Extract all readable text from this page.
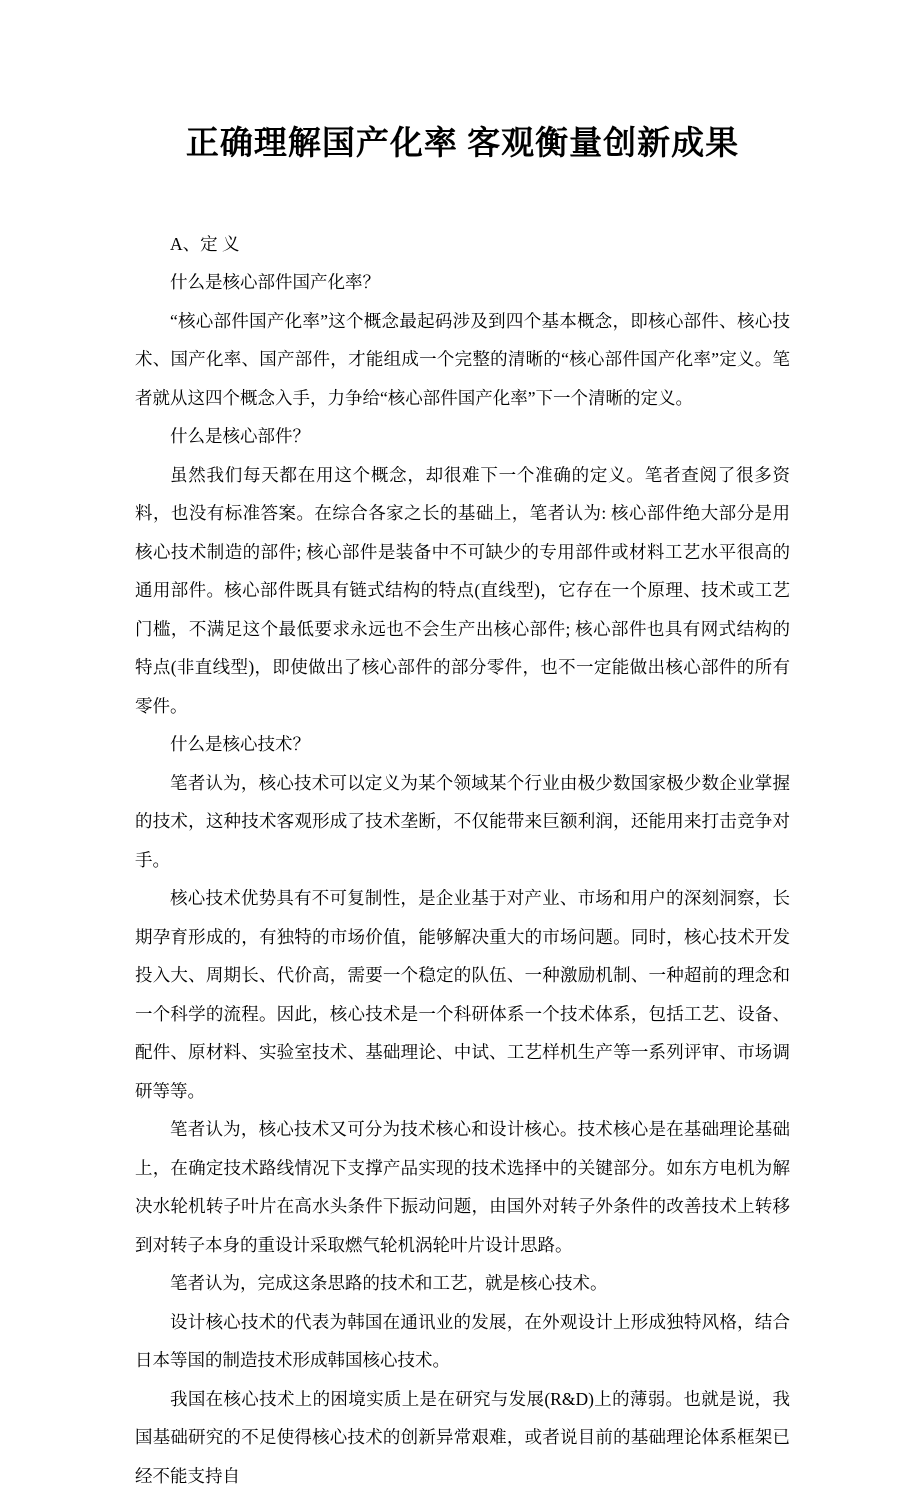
正确理解国产化率 客观衡量创新成果

A、定 义

什么是核心部件国产化率？

“核心部件国产化率”这个概念最起码涉及到四个基本概念，即核心部件、核心技术、国产化率、国产部件，才能组成一个完整的清晰的“核心部件国产化率”定义。笔者就从这四个概念入手，力争给“核心部件国产化率”下一个清晰的定义。

什么是核心部件？

虽然我们每天都在用这个概念，却很难下一个准确的定义。笔者查阅了很多资料，也没有标准答案。在综合各家之长的基础上，笔者认为: 核心部件绝大部分是用核心技术制造的部件; 核心部件是装备中不可缺少的专用部件或材料工艺水平很高的通用部件。核心部件既具有链式结构的特点(直线型)，它存在一个原理、技术或工艺门槛，不满足这个最低要求永远也不会生产出核心部件; 核心部件也具有网式结构的特点(非直线型)，即使做出了核心部件的部分零件，也不一定能做出核心部件的所有零件。

什么是核心技术？

笔者认为，核心技术可以定义为某个领域某个行业由极少数国家极少数企业掌握的技术，这种技术客观形成了技术垄断，不仅能带来巨额利润，还能用来打击竞争对手。

核心技术优势具有不可复制性，是企业基于对产业、市场和用户的深刻洞察，长期孕育形成的，有独特的市场价值，能够解决重大的市场问题。同时，核心技术开发投入大、周期长、代价高，需要一个稳定的队伍、一种激励机制、一种超前的理念和一个科学的流程。因此，核心技术是一个科研体系一个技术体系，包括工艺、设备、配件、原材料、实验室技术、基础理论、中试、工艺样机生产等一系列评审、市场调研等等。

笔者认为，核心技术又可分为技术核心和设计核心。技术核心是在基础理论基础上，在确定技术路线情况下支撑产品实现的技术选择中的关键部分。如东方电机为解决水轮机转子叶片在高水头条件下振动问题，由国外对转子外条件的改善技术上转移到对转子本身的重设计采取燃气轮机涡轮叶片设计思路。

笔者认为，完成这条思路的技术和工艺，就是核心技术。

设计核心技术的代表为韩国在通讯业的发展，在外观设计上形成独特风格，结合日本等国的制造技术形成韩国核心技术。

我国在核心技术上的困境实质上是在研究与发展(R&D)上的薄弱。也就是说，我国基础研究的不足使得核心技术的创新异常艰难，或者说目前的基础理论体系框架已经不能支持自
